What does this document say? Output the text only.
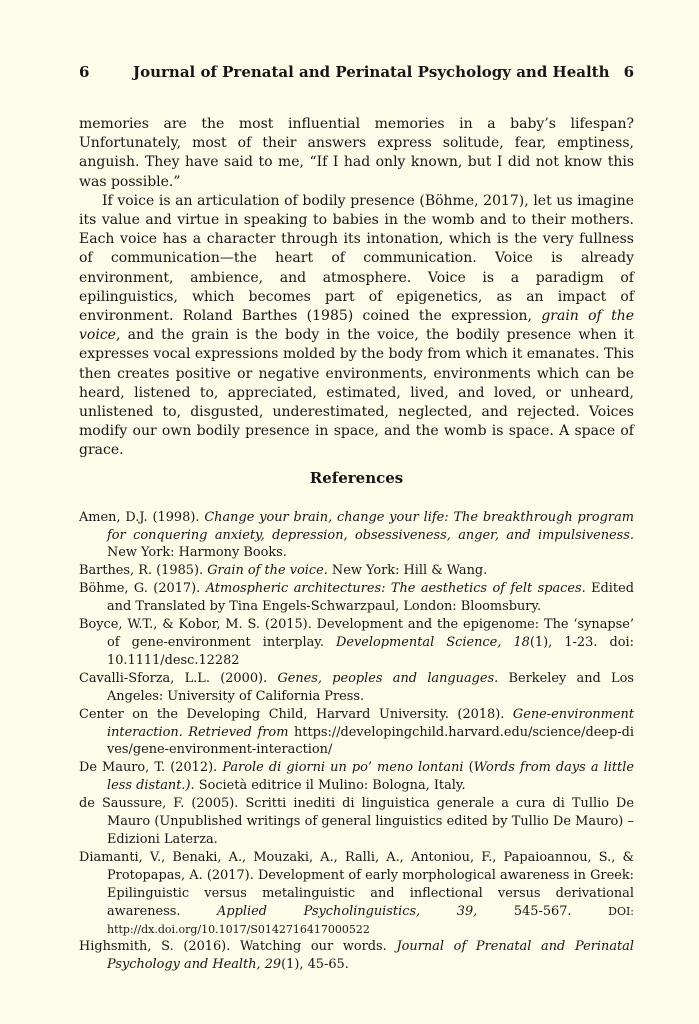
6	Journal of Prenatal and Perinatal Psychology and Health 6

memories are the most influential memories in a baby’s lifespan? Unfortunately, most of their answers express solitude, fear, emptiness, anguish. They have said to me, “If I had only known, but I did not know this was possible.”

If voice is an articulation of bodily presence (Böhme, 2017), let us imagine its value and virtue in speaking to babies in the womb and to their mothers. Each voice has a character through its intonation, which is the very fullness of communication—the heart of communication. Voice is already environment, ambience, and atmosphere. Voice is a paradigm of epilinguistics, which becomes part of epigenetics, as an impact of environment. Roland Barthes (1985) coined the expression, grain of the voice, and the grain is the body in the voice, the bodily presence when it expresses vocal expressions molded by the body from which it emanates. This then creates positive or negative environments, environments which can be heard, listened to, appreciated, estimated, lived, and loved, or unheard, unlistened to, disgusted, underestimated, neglected, and rejected. Voices modify our own bodily presence in space, and the womb is space. A space of grace.

References

Amen, D.J. (1998). Change your brain, change your life: The breakthrough program for conquering anxiety, depression, obsessiveness, anger, and impulsiveness. New York: Harmony Books.

Barthes, R. (1985). Grain of the voice. New York: Hill & Wang.

Böhme, G. (2017). Atmospheric architectures: The aesthetics of felt spaces. Edited and Translated by Tina Engels-Schwarzpaul, London: Bloomsbury.

Boyce, W.T., & Kobor, M. S. (2015). Development and the epigenome: The ‘synapse’ of gene-environment interplay. Developmental Science, 18(1), 1-23. doi: 10.1111/desc.12282

Cavalli-Sforza, L.L. (2000). Genes, peoples and languages. Berkeley and Los Angeles: University of California Press.

Center on the Developing Child, Harvard University. (2018). Gene-environment interaction. Retrieved from https://developingchild.harvard.edu/science/deep-dives/gene-environment-interaction/

De Mauro, T. (2012). Parole di giorni un po’ meno lontani (Words from days a little less distant.). Società editrice il Mulino: Bologna, Italy.

de Saussure, F. (2005). Scritti inediti di linguistica generale a cura di Tullio De Mauro (Unpublished writings of general linguistics edited by Tullio De Mauro) – Edizioni Laterza.

Diamanti, V., Benaki, A., Mouzaki, A., Ralli, A., Antoniou, F., Papaioannou, S., & Protopapas, A. (2017). Development of early morphological awareness in Greek: Epilinguistic versus metalinguistic and inflectional versus derivational awareness. Applied Psycholinguistics, 39, 545-567. DOI: http://dx.doi.org/10.1017/S0142716417000522

Highsmith, S. (2016). Watching our words. Journal of Prenatal and Perinatal Psychology and Health, 29(1), 45-65.
